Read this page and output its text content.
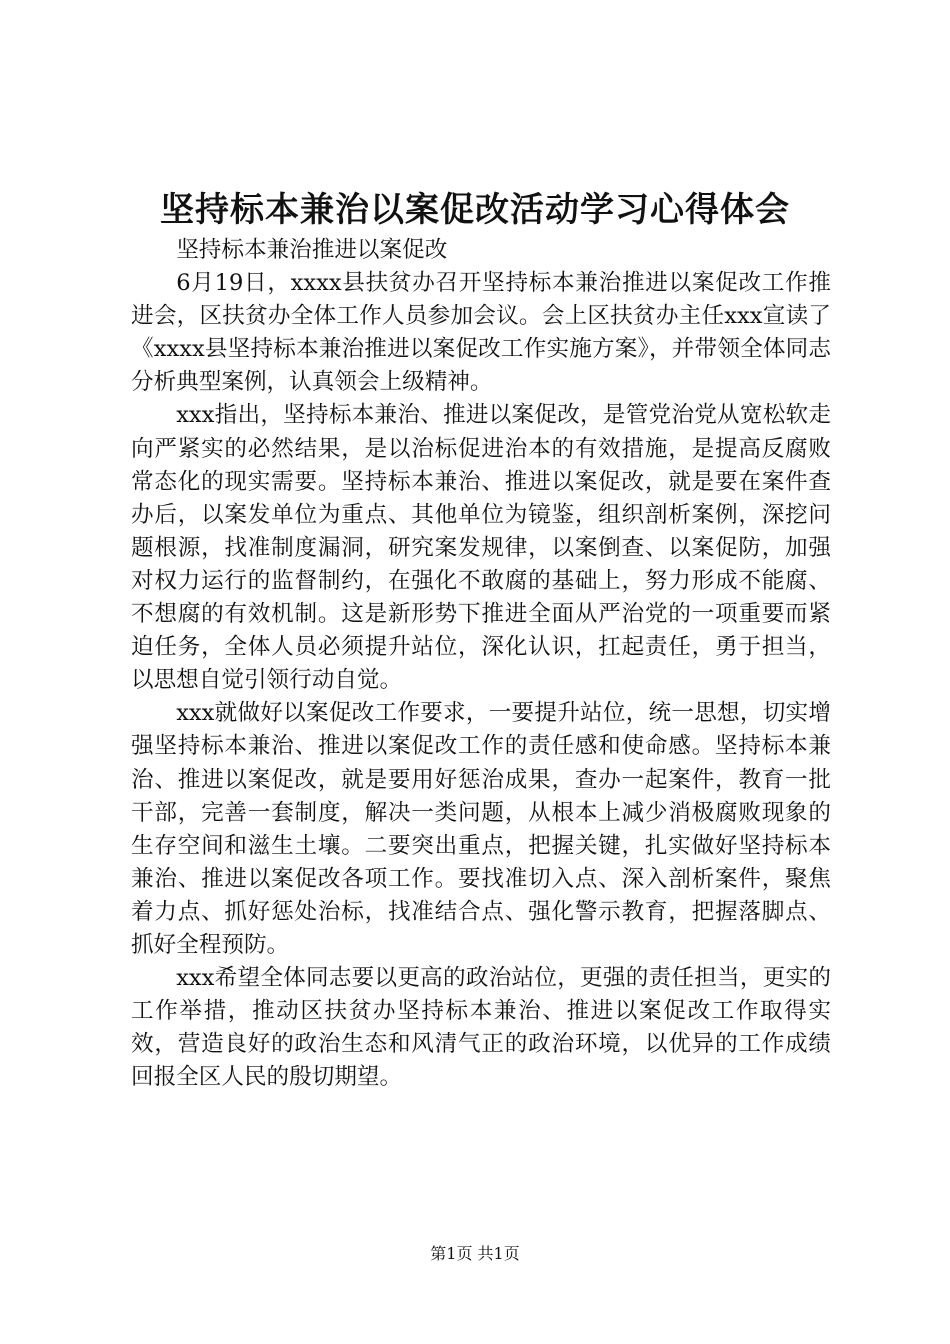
坚持标本兼治以案促改活动学习心得体会

坚持标本兼治推进以案促改

6月19日，xxxx县扶贫办召开坚持标本兼治推进以案促改工作推进会，区扶贫办全体工作人员参加会议。会上区扶贫办主任xxx宣读了《xxxx县坚持标本兼治推进以案促改工作实施方案》，并带领全体同志分析典型案例，认真领会上级精神。

xxx指出，坚持标本兼治、推进以案促改，是管党治党从宽松软走向严紧实的必然结果，是以治标促进治本的有效措施，是提高反腐败常态化的现实需要。坚持标本兼治、推进以案促改，就是要在案件查办后，以案发单位为重点、其他单位为镜鉴，组织剖析案例，深挖问题根源，找准制度漏洞，研究案发规律，以案倒查、以案促防，加强对权力运行的监督制约，在强化不敢腐的基础上，努力形成不能腐、不想腐的有效机制。这是新形势下推进全面从严治党的一项重要而紧迫任务，全体人员必须提升站位，深化认识，扛起责任，勇于担当，以思想自觉引领行动自觉。

xxx就做好以案促改工作要求，一要提升站位，统一思想，切实增强坚持标本兼治、推进以案促改工作的责任感和使命感。坚持标本兼治、推进以案促改，就是要用好惩治成果，查办一起案件，教育一批干部，完善一套制度，解决一类问题，从根本上减少消极腐败现象的生存空间和滋生土壤。二要突出重点，把握关键，扎实做好坚持标本兼治、推进以案促改各项工作。要找准切入点、深入剖析案件，聚焦着力点、抓好惩处治标，找准结合点、强化警示教育，把握落脚点、抓好全程预防。

xxx希望全体同志要以更高的政治站位，更强的责任担当，更实的工作举措，推动区扶贫办坚持标本兼治、推进以案促改工作取得实效，营造良好的政治生态和风清气正的政治环境，以优异的工作成绩回报全区人民的殷切期望。

第1页 共1页
